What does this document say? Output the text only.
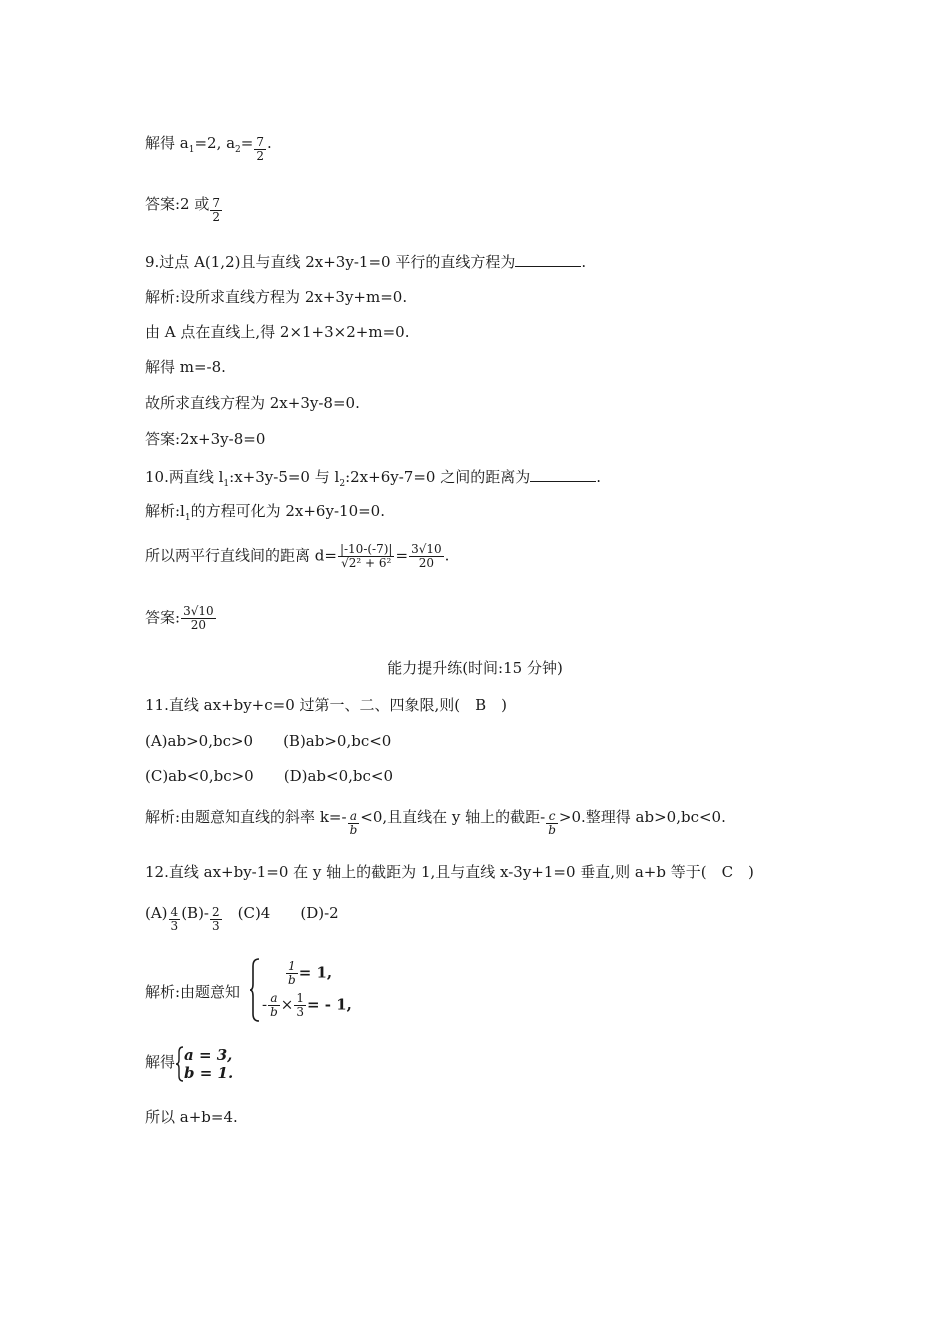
解得 $a_1=2$, $a_2= \frac{7}{2}$ .
答案:2 或 $\frac{7}{2}$
9.过点 A(1,2)且与直线 2x+3y-1=0 平行的直线方程为	.
解析:设所求直线方程为 2x+3y+m=0.
由 A 点在直线上,得 2×1+3×2+m=0.
解得 m=-8.
故所求直线方程为 2x+3y-8=0.
答案:2x+3y-8=0
10.两直线 $l_1:x+3y-5=0$ 与 $l_2:2x+6y-7=0$ 之间的距离为	.
解析$:l_1$的方程可化为 2x+6y-10=0.
所以两平行直线间的距离 $d= \frac{|-10-(-7)|}{\text{√2² + 6²}} = \frac{3√10}{20}$ .
答案: $\frac{3√10}{20}$
能力提升练(时间:15 分钟)
11.直线 ax+by+c=0 过第一、二、四象限,则(　B　)
(A)ab>0,bc>0　　(B)ab>0,bc<0
(C)ab<0,bc>0　　(D)ab<0,bc<0
解析:由题意知直线的斜率 $k=- \frac{a}{b} <0$,且直线在 y 轴上的截距- $\frac{c}{b} >0$.整理得 ab>0,bc<0.
12.直线 ax+by-1=0 在 y 轴上的截距为 1,且与直线 x-3y+1=0 垂直,则 a+b 等于(　C　)
$(A) \frac{4}{3} (B)- \frac{2}{3}$ 　(C)4　　(D)-2
解析:由题意知
$\frac{1}{b} = 1$,
- $\frac{a}{b} \times \frac{1}{3}$ = - 1,
解得 a = 3,
b = 1.
所以 a+b=4.
